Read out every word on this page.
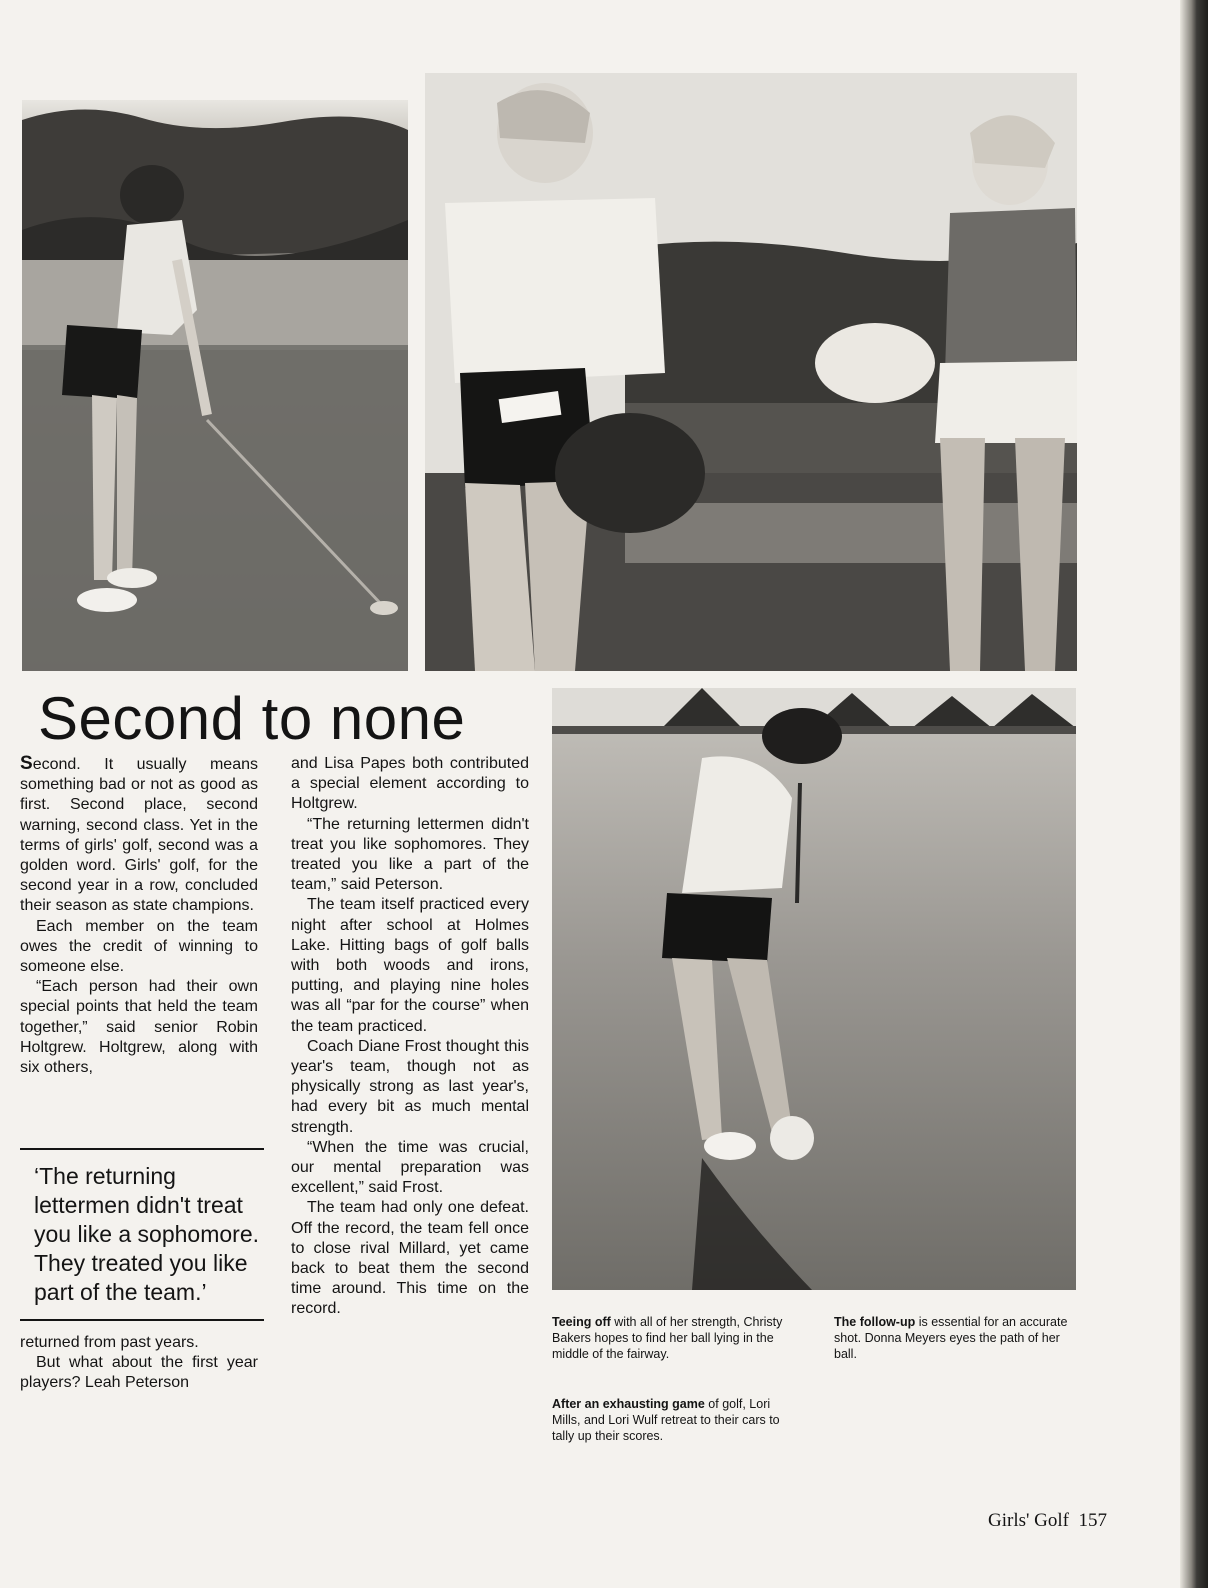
Second to none

Second. It usually means something bad or not as good as first. Second place, second warning, second class. Yet in the terms of girls' golf, second was a golden word. Girls' golf, for the second year in a row, concluded their season as state champions.

Each member on the team owes the credit of winning to someone else.

“Each person had their own special points that held the team together,” said senior Robin Holtgrew. Holtgrew, along with six others,

‘The returning lettermen didn't treat you like a sophomore. They treated you like part of the team.’

returned from past years.

But what about the first year players? Leah Peterson

and Lisa Papes both contributed a special element according to Holtgrew.

“The returning lettermen didn't treat you like sophomores. They treated you like a part of the team,” said Peterson.

The team itself practiced every night after school at Holmes Lake. Hitting bags of golf balls with both woods and irons, putting, and playing nine holes was all “par for the course” when the team practiced.

Coach Diane Frost thought this year's team, though not as physically strong as last year's, had every bit as much mental strength.

“When the time was crucial, our mental preparation was excellent,” said Frost.

The team had only one defeat. Off the record, the team fell once to close rival Millard, yet came back to beat them the second time around. This time on the record.

Teeing off with all of her strength, Christy Bakers hopes to find her ball lying in the middle of the fairway.

The follow-up is essential for an accurate shot. Donna Meyers eyes the path of her ball.

After an exhausting game of golf, Lori Mills, and Lori Wulf retreat to their cars to tally up their scores.

Girls' Golf 157
